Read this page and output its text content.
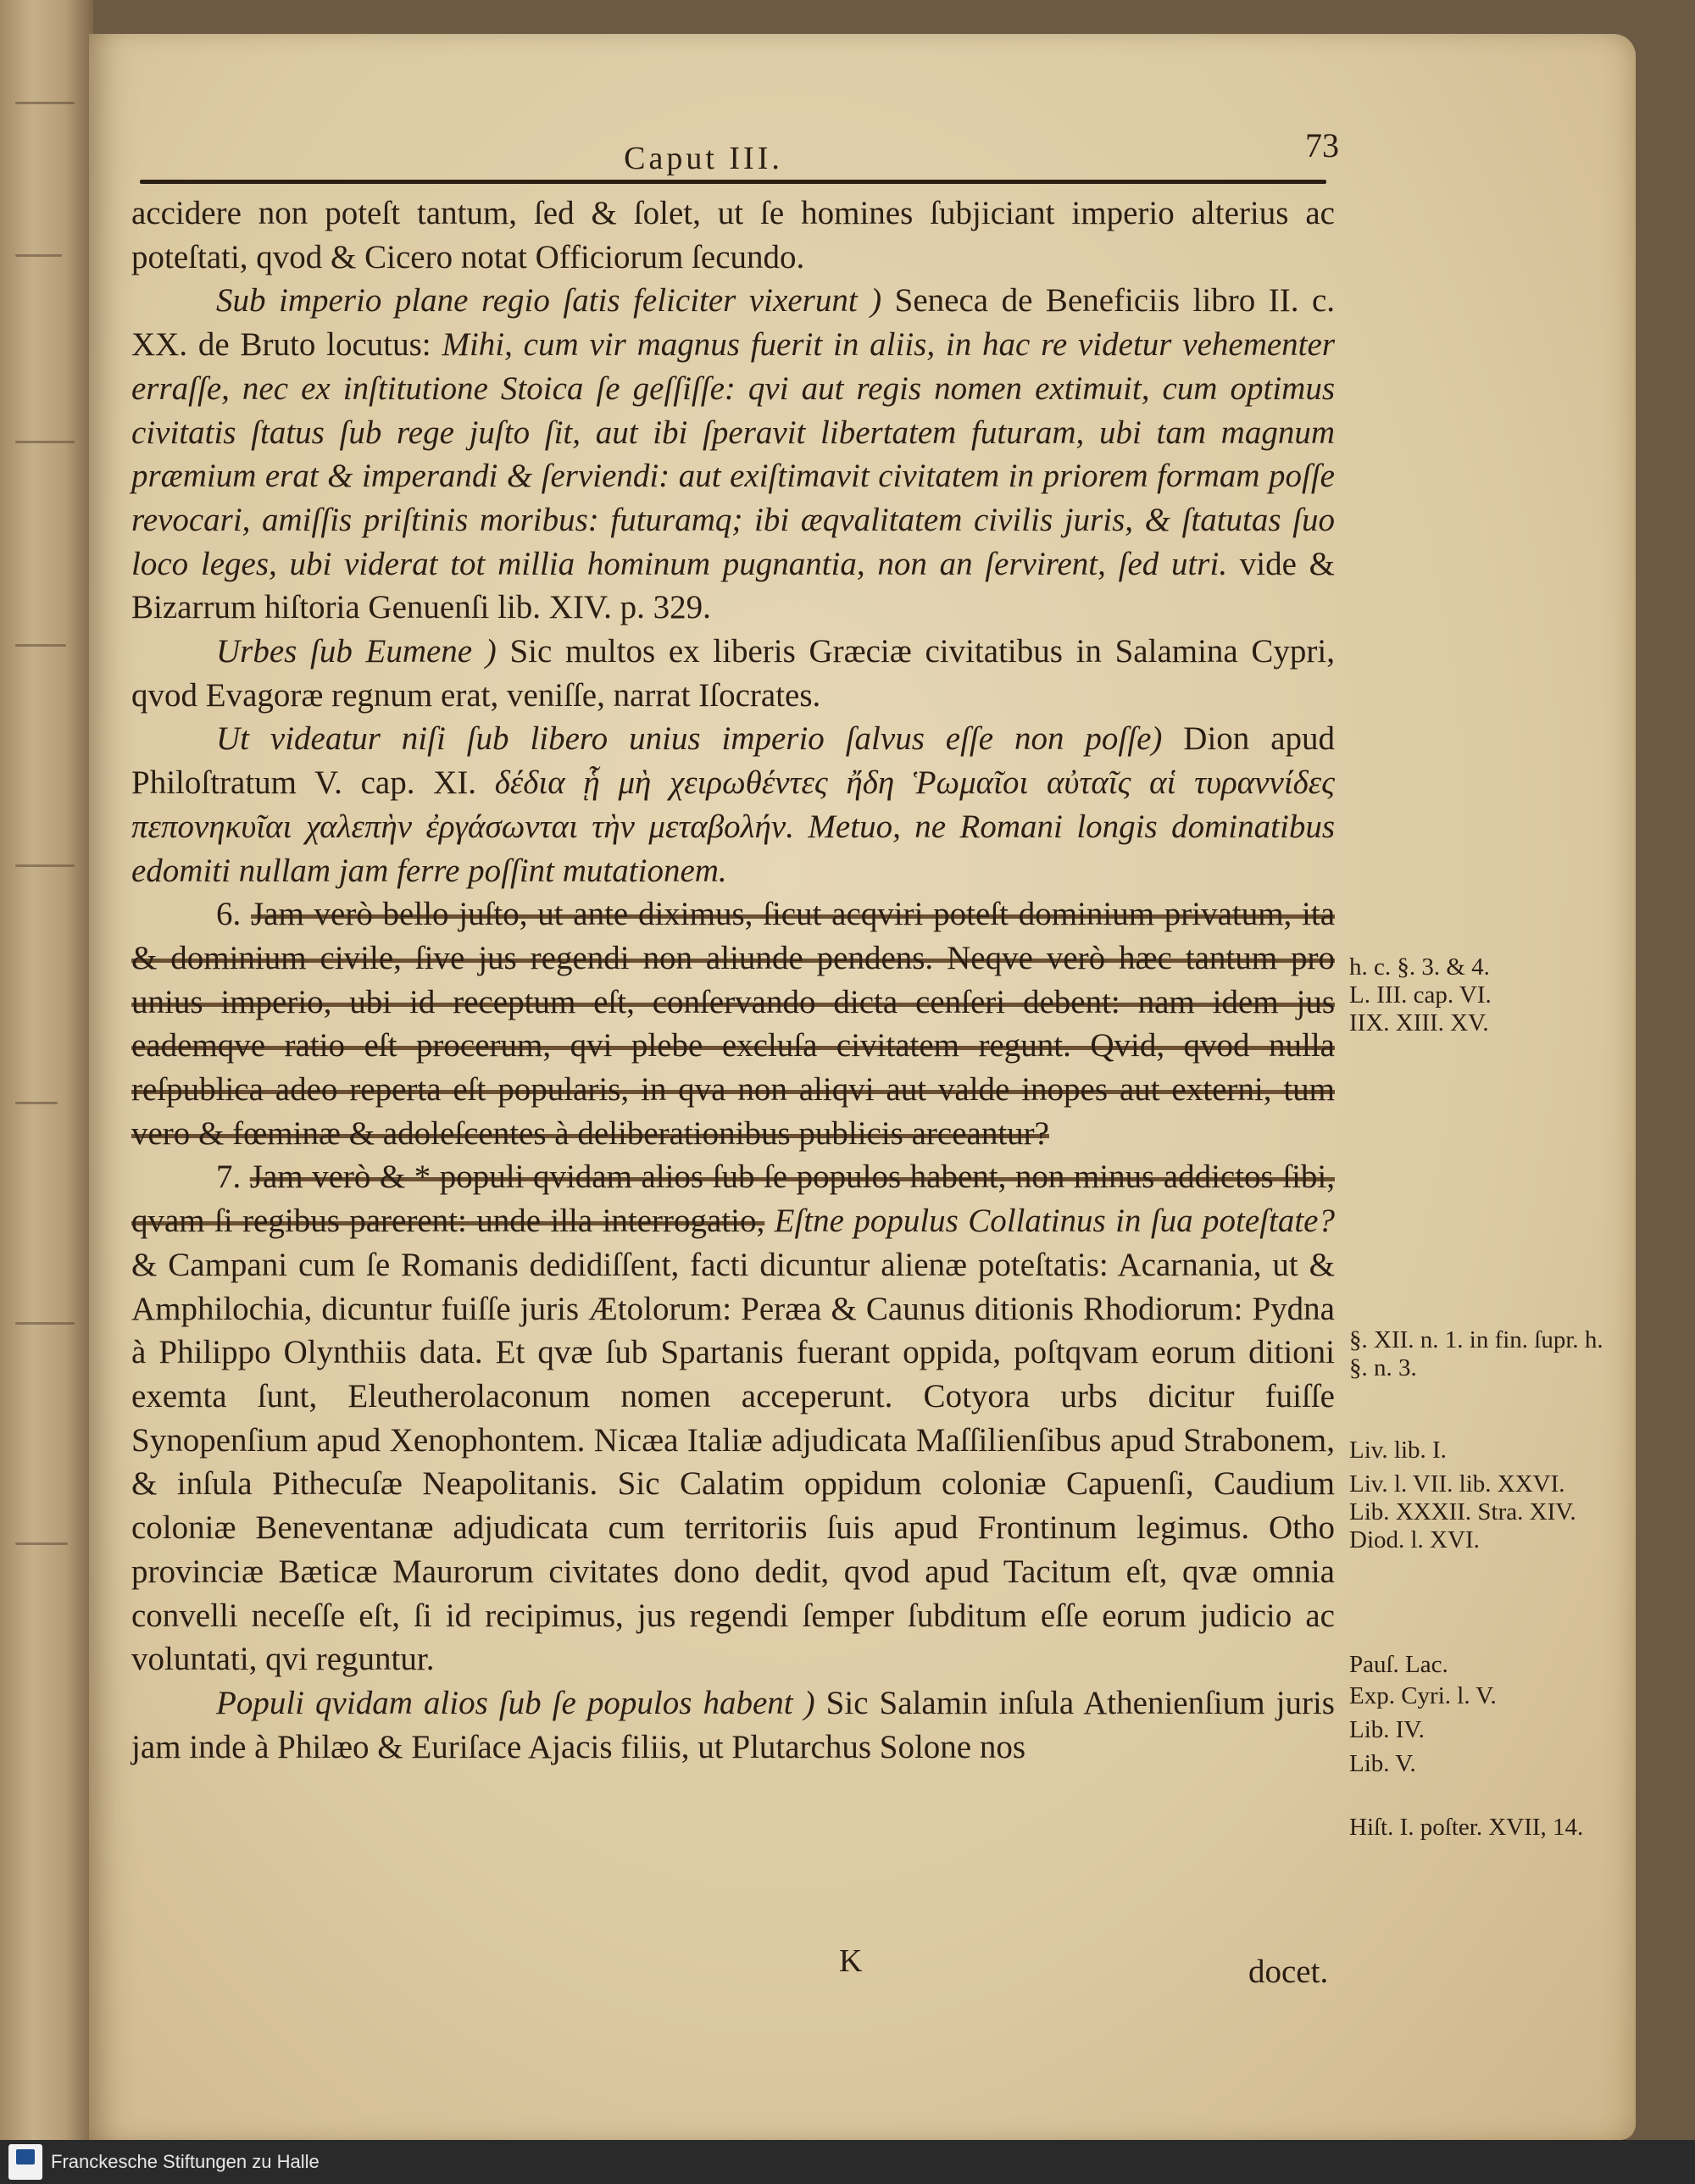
Caput III.	73

accidere non poteſt tantum, ſed & ſolet, ut ſe homines ſubjiciant imperio alterius ac poteſtati, qvod & Cicero notat Officiorum ſecundo.

Sub imperio plane regio ſatis feliciter vixerunt ) Seneca de Beneficiis libro II. c. XX. de Bruto locutus: Mihi, cum vir magnus fuerit in aliis, in hac re videtur vehementer erraſſe, nec ex inſtitutione Stoica ſe geſſiſſe: qvi aut regis nomen extimuit, cum optimus civitatis ſtatus ſub rege juſto ſit, aut ibi ſperavit libertatem futuram, ubi tam magnum præmium erat & imperandi & ſerviendi: aut exiſtimavit civitatem in priorem formam poſſe revocari, amiſſis priſtinis moribus: futuramq; ibi æqvalitatem civilis juris, & ſtatutas ſuo loco leges, ubi viderat tot millia hominum pugnantia, non an ſervirent, ſed utri. vide & Bizarrum hiſtoria Genuenſi lib. XIV. p. 329.

Urbes ſub Eumene ) Sic multos ex liberis Græciæ civitatibus in Salamina Cypri, qvod Evagoræ regnum erat, veniſſe, narrat Iſocrates.

Ut videatur niſi ſub libero unius imperio ſalvus eſſe non poſſe) Dion apud Philoſtratum V. cap. XI. δέδια ᾗ μὴ χειρωθέντες ἤδη Ῥωμαῖοι αὐταῖς αἱ τυραννίδες πεπονηκυῖαι χαλεπὴν ἐργάσωνται τὴν μεταβολήν. Metuo, ne Romani longis dominatibus edomiti nullam jam ferre poſſint mutationem.

6. Jam verò bello juſto, ut ante diximus, ſicut acqviri poteſt dominium privatum, ita & dominium civile, ſive jus regendi non aliunde pendens. Neqve verò hæc tantum pro unius imperio, ubi id receptum eſt, conſervando dicta cenſeri debent: nam idem jus eademqve ratio eſt procerum, qvi plebe excluſa civitatem regunt. Qvid, qvod nulla reſpublica adeo reperta eſt popularis, in qva non aliqvi aut valde inopes aut externi, tum vero & fœminæ & adoleſcentes à deliberationibus publicis arceantur?

7. Jam verò & * populi qvidam alios ſub ſe populos habent, non minus addictos ſibi, qvam ſi regibus parerent: unde illa interrogatio, Eſtne populus Collatinus in ſua poteſtate? & Campani cum ſe Romanis dedidiſſent, facti dicuntur alienæ poteſtatis: Acarnania, ut & Amphilochia, dicuntur fuiſſe juris Ætolorum: Peræa & Caunus ditionis Rhodiorum: Pydna à Philippo Olynthiis data. Et qvæ ſub Spartanis fuerant oppida, poſtqvam eorum ditioni exemta ſunt, Eleutherolaconum nomen acceperunt. Cotyora urbs dicitur fuiſſe Synopenſium apud Xenophontem. Nicæa Italiæ adjudicata Maſſilienſibus apud Strabonem, & inſula Pithecuſæ Neapolitanis. Sic Calatim oppidum coloniæ Capuenſi, Caudium coloniæ Beneventanæ adjudicata cum territoriis ſuis apud Frontinum legimus. Otho provinciæ Bæticæ Maurorum civitates dono dedit, qvod apud Tacitum eſt, qvæ omnia convelli neceſſe eſt, ſi id recipimus, jus regendi ſemper ſubditum eſſe eorum judicio ac voluntati, qvi reguntur.

Populi qvidam alios ſub ſe populos habent ) Sic Salamin inſula Athenienſium juris jam inde à Philæo & Euriſace Ajacis filiis, ut Plutarchus Solone nos

h. c. §. 3. & 4.
L. III. cap. VI.
IIX. XIII. XV.
§. XII. n. 1. in fin. ſupr. h. §. n. 3.
Liv. lib. I.
Liv. l. VII. lib. XXVI. Lib. XXXII. Stra. XIV. Diod. l. XVI.
Pauſ. Lac.
Exp. Cyri. l. V.
Lib. IV.
Lib. V.
Hiſt. I. poſter. XVII, 14.
K	docet.
Franckesche Stiftungen zu Halle
